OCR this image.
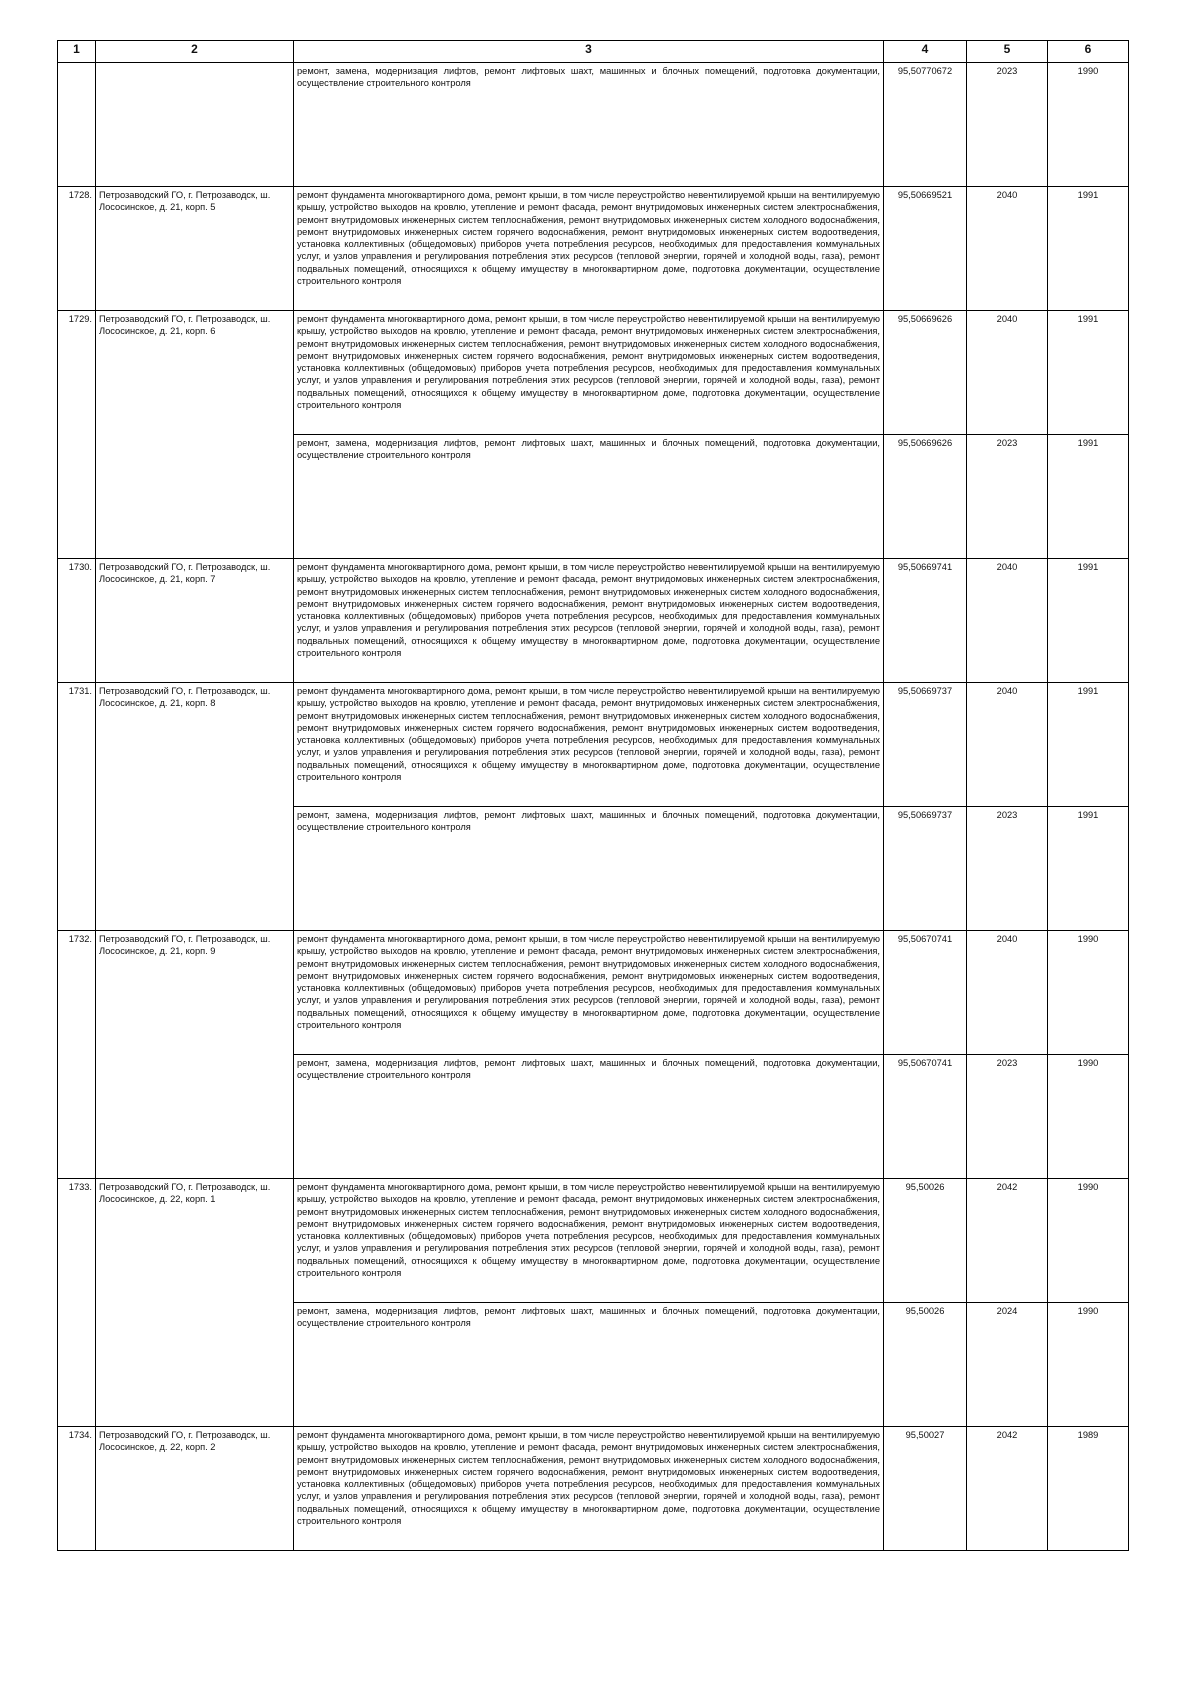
1	2	3	4	5	6
		ремонт, замена, модернизация лифтов, ремонт лифтовых шахт, машинных и блочных помещений, подготовка документации, осуществление строительного контроля	95,50770672	2023	1990
1728.	Петрозаводский ГО, г. Петрозаводск, ш. Лососинское, д. 21, корп. 5	ремонт фундамента многоквартирного дома, ремонт крыши, в том числе переустройство невентилируемой крыши на вентилируемую крышу, устройство выходов на кровлю, утепление и ремонт фасада, ремонт внутридомовых инженерных систем электроснабжения, ремонт внутридомовых инженерных систем теплоснабжения, ремонт внутридомовых инженерных систем холодного водоснабжения, ремонт внутридомовых инженерных систем горячего водоснабжения, ремонт внутридомовых инженерных систем водоотведения, установка коллективных (общедомовых) приборов учета потребления ресурсов, необходимых для предоставления коммунальных услуг, и узлов управления и регулирования потребления этих ресурсов (тепловой энергии, горячей и холодной воды, газа), ремонт подвальных помещений, относящихся к общему имуществу в многоквартирном доме, подготовка документации, осуществление строительного контроля	95,50669521	2040	1991
1729.	Петрозаводский ГО, г. Петрозаводск, ш. Лососинское, д. 21, корп. 6	ремонт фундамента многоквартирного дома, ремонт крыши, в том числе переустройство невентилируемой крыши на вентилируемую крышу, устройство выходов на кровлю, утепление и ремонт фасада, ремонт внутридомовых инженерных систем электроснабжения, ремонт внутридомовых инженерных систем теплоснабжения, ремонт внутридомовых инженерных систем холодного водоснабжения, ремонт внутридомовых инженерных систем горячего водоснабжения, ремонт внутридомовых инженерных систем водоотведения, установка коллективных (общедомовых) приборов учета потребления ресурсов, необходимых для предоставления коммунальных услуг, и узлов управления и регулирования потребления этих ресурсов (тепловой энергии, горячей и холодной воды, газа), ремонт подвальных помещений, относящихся к общему имуществу в многоквартирном доме, подготовка документации, осуществление строительного контроля	95,50669626	2040	1991
		ремонт, замена, модернизация лифтов, ремонт лифтовых шахт, машинных и блочных помещений, подготовка документации, осуществление строительного контроля	95,50669626	2023	1991
1730.	Петрозаводский ГО, г. Петрозаводск, ш. Лососинское, д. 21, корп. 7	ремонт фундамента многоквартирного дома, ремонт крыши, в том числе переустройство невентилируемой крыши на вентилируемую крышу, устройство выходов на кровлю, утепление и ремонт фасада, ремонт внутридомовых инженерных систем электроснабжения, ремонт внутридомовых инженерных систем теплоснабжения, ремонт внутридомовых инженерных систем холодного водоснабжения, ремонт внутридомовых инженерных систем горячего водоснабжения, ремонт внутридомовых инженерных систем водоотведения, установка коллективных (общедомовых) приборов учета потребления ресурсов, необходимых для предоставления коммунальных услуг, и узлов управления и регулирования потребления этих ресурсов (тепловой энергии, горячей и холодной воды, газа), ремонт подвальных помещений, относящихся к общему имуществу в многоквартирном доме, подготовка документации, осуществление строительного контроля	95,50669741	2040	1991
1731.	Петрозаводский ГО, г. Петрозаводск, ш. Лососинское, д. 21, корп. 8	ремонт фундамента многоквартирного дома, ремонт крыши, в том числе переустройство невентилируемой крыши на вентилируемую крышу, устройство выходов на кровлю, утепление и ремонт фасада, ремонт внутридомовых инженерных систем электроснабжения, ремонт внутридомовых инженерных систем теплоснабжения, ремонт внутридомовых инженерных систем холодного водоснабжения, ремонт внутридомовых инженерных систем горячего водоснабжения, ремонт внутридомовых инженерных систем водоотведения, установка коллективных (общедомовых) приборов учета потребления ресурсов, необходимых для предоставления коммунальных услуг, и узлов управления и регулирования потребления этих ресурсов (тепловой энергии, горячей и холодной воды, газа), ремонт подвальных помещений, относящихся к общему имуществу в многоквартирном доме, подготовка документации, осуществление строительного контроля	95,50669737	2040	1991
		ремонт, замена, модернизация лифтов, ремонт лифтовых шахт, машинных и блочных помещений, подготовка документации, осуществление строительного контроля	95,50669737	2023	1991
1732.	Петрозаводский ГО, г. Петрозаводск, ш. Лососинское, д. 21, корп. 9	ремонт фундамента многоквартирного дома, ремонт крыши, в том числе переустройство невентилируемой крыши на вентилируемую крышу, устройство выходов на кровлю, утепление и ремонт фасада, ремонт внутридомовых инженерных систем электроснабжения, ремонт внутридомовых инженерных систем теплоснабжения, ремонт внутридомовых инженерных систем холодного водоснабжения, ремонт внутридомовых инженерных систем горячего водоснабжения, ремонт внутридомовых инженерных систем водоотведения, установка коллективных (общедомовых) приборов учета потребления ресурсов, необходимых для предоставления коммунальных услуг, и узлов управления и регулирования потребления этих ресурсов (тепловой энергии, горячей и холодной воды, газа), ремонт подвальных помещений, относящихся к общему имуществу в многоквартирном доме, подготовка документации, осуществление строительного контроля	95,50670741	2040	1990
		ремонт, замена, модернизация лифтов, ремонт лифтовых шахт, машинных и блочных помещений, подготовка документации, осуществление строительного контроля	95,50670741	2023	1990
1733.	Петрозаводский ГО, г. Петрозаводск, ш. Лососинское, д. 22, корп. 1	ремонт фундамента многоквартирного дома, ремонт крыши, в том числе переустройство невентилируемой крыши на вентилируемую крышу, устройство выходов на кровлю, утепление и ремонт фасада, ремонт внутридомовых инженерных систем электроснабжения, ремонт внутридомовых инженерных систем теплоснабжения, ремонт внутридомовых инженерных систем холодного водоснабжения, ремонт внутридомовых инженерных систем горячего водоснабжения, ремонт внутридомовых инженерных систем водоотведения, установка коллективных (общедомовых) приборов учета потребления ресурсов, необходимых для предоставления коммунальных услуг, и узлов управления и регулирования потребления этих ресурсов (тепловой энергии, горячей и холодной воды, газа), ремонт подвальных помещений, относящихся к общему имуществу в многоквартирном доме, подготовка документации, осуществление строительного контроля	95,50026	2042	1990
		ремонт, замена, модернизация лифтов, ремонт лифтовых шахт, машинных и блочных помещений, подготовка документации, осуществление строительного контроля	95,50026	2024	1990
1734.	Петрозаводский ГО, г. Петрозаводск, ш. Лососинское, д. 22, корп. 2	ремонт фундамента многоквартирного дома, ремонт крыши, в том числе переустройство невентилируемой крыши на вентилируемую крышу, устройство выходов на кровлю, утепление и ремонт фасада, ремонт внутридомовых инженерных систем электроснабжения, ремонт внутридомовых инженерных систем теплоснабжения, ремонт внутридомовых инженерных систем холодного водоснабжения, ремонт внутридомовых инженерных систем горячего водоснабжения, ремонт внутридомовых инженерных систем водоотведения, установка коллективных (общедомовых) приборов учета потребления ресурсов, необходимых для предоставления коммунальных услуг, и узлов управления и регулирования потребления этих ресурсов (тепловой энергии, горячей и холодной воды, газа), ремонт подвальных помещений, относящихся к общему имуществу в многоквартирном доме, подготовка документации, осуществление строительного контроля	95,50027	2042	1989
